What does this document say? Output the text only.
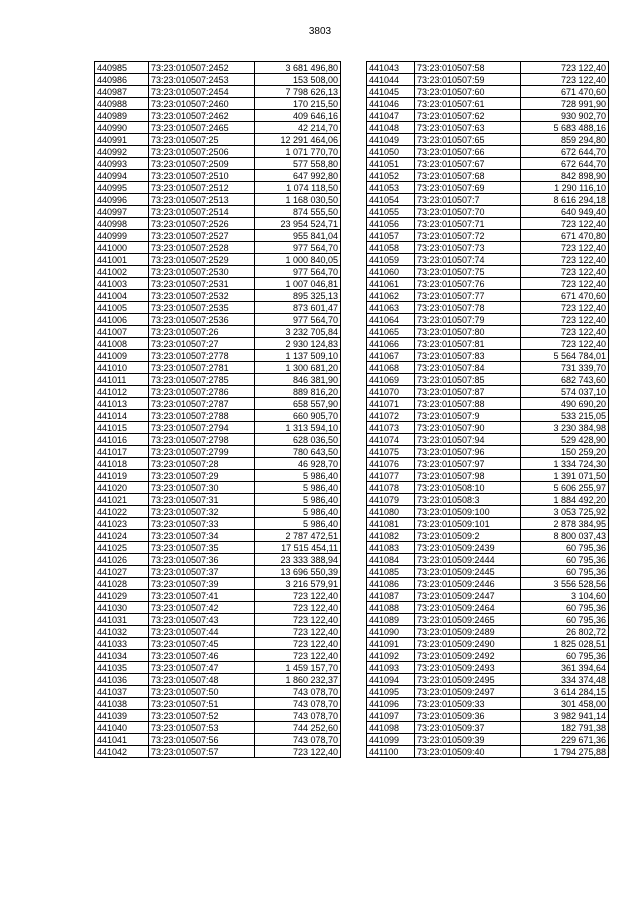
3803
440985	73:23:010507:2452	3 681 496,80
440986	73:23:010507:2453	153 508,00
440987	73:23:010507:2454	7 798 626,13
440988	73:23:010507:2460	170 215,50
440989	73:23:010507:2462	409 646,16
440990	73:23:010507:2465	42 214,70
440991	73:23:010507:25	12 291 464,06
440992	73:23:010507:2506	1 071 770,70
440993	73:23:010507:2509	577 558,80
440994	73:23:010507:2510	647 992,80
440995	73:23:010507:2512	1 074 118,50
440996	73:23:010507:2513	1 168 030,50
440997	73:23:010507:2514	874 555,50
440998	73:23:010507:2526	23 954 524,71
440999	73:23:010507:2527	955 841,04
441000	73:23:010507:2528	977 564,70
441001	73:23:010507:2529	1 000 840,05
441002	73:23:010507:2530	977 564,70
441003	73:23:010507:2531	1 007 046,81
441004	73:23:010507:2532	895 325,13
441005	73:23:010507:2535	873 601,47
441006	73:23:010507:2536	977 564,70
441007	73:23:010507:26	3 232 705,84
441008	73:23:010507:27	2 930 124,83
441009	73:23:010507:2778	1 137 509,10
441010	73:23:010507:2781	1 300 681,20
441011	73:23:010507:2785	846 381,90
441012	73:23:010507:2786	889 816,20
441013	73:23:010507:2787	658 557,90
441014	73:23:010507:2788	660 905,70
441015	73:23:010507:2794	1 313 594,10
441016	73:23:010507:2798	628 036,50
441017	73:23:010507:2799	780 643,50
441018	73:23:010507:28	46 928,70
441019	73:23:010507:29	5 986,40
441020	73:23:010507:30	5 986,40
441021	73:23:010507:31	5 986,40
441022	73:23:010507:32	5 986,40
441023	73:23:010507:33	5 986,40
441024	73:23:010507:34	2 787 472,51
441025	73:23:010507:35	17 515 454,11
441026	73:23:010507:36	23 333 388,94
441027	73:23:010507:37	13 696 550,39
441028	73:23:010507:39	3 216 579,91
441029	73:23:010507:41	723 122,40
441030	73:23:010507:42	723 122,40
441031	73:23:010507:43	723 122,40
441032	73:23:010507:44	723 122,40
441033	73:23:010507:45	723 122,40
441034	73:23:010507:46	723 122,40
441035	73:23:010507:47	1 459 157,70
441036	73:23:010507:48	1 860 232,37
441037	73:23:010507:50	743 078,70
441038	73:23:010507:51	743 078,70
441039	73:23:010507:52	743 078,70
441040	73:23:010507:53	744 252,60
441041	73:23:010507:56	743 078,70
441042	73:23:010507:57	723 122,40
441043	73:23:010507:58	723 122,40
441044	73:23:010507:59	723 122,40
441045	73:23:010507:60	671 470,60
441046	73:23:010507:61	728 991,90
441047	73:23:010507:62	930 902,70
441048	73:23:010507:63	5 683 488,16
441049	73:23:010507:65	859 294,80
441050	73:23:010507:66	672 644,70
441051	73:23:010507:67	672 644,70
441052	73:23:010507:68	842 898,90
441053	73:23:010507:69	1 290 116,10
441054	73:23:010507:7	8 616 294,18
441055	73:23:010507:70	640 949,40
441056	73:23:010507:71	723 122,40
441057	73:23:010507:72	671 470,80
441058	73:23:010507:73	723 122,40
441059	73:23:010507:74	723 122,40
441060	73:23:010507:75	723 122,40
441061	73:23:010507:76	723 122,40
441062	73:23:010507:77	671 470,60
441063	73:23:010507:78	723 122,40
441064	73:23:010507:79	723 122,40
441065	73:23:010507:80	723 122,40
441066	73:23:010507:81	723 122,40
441067	73:23:010507:83	5 564 784,01
441068	73:23:010507:84	731 339,70
441069	73:23:010507:85	682 743,60
441070	73:23:010507:87	574 037,10
441071	73:23:010507:88	490 690,20
441072	73:23:010507:9	533 215,05
441073	73:23:010507:90	3 230 384,98
441074	73:23:010507:94	529 428,90
441075	73:23:010507:96	150 259,20
441076	73:23:010507:97	1 334 724,30
441077	73:23:010507:98	1 391 071,50
441078	73:23:010508:10	5 606 255,97
441079	73:23:010508:3	1 884 492,20
441080	73:23:010509:100	3 053 725,92
441081	73:23:010509:101	2 878 384,95
441082	73:23:010509:2	8 800 037,43
441083	73:23:010509:2439	60 795,36
441084	73:23:010509:2444	60 795,36
441085	73:23:010509:2445	60 795,36
441086	73:23:010509:2446	3 556 528,56
441087	73:23:010509:2447	3 104,60
441088	73:23:010509:2464	60 795,36
441089	73:23:010509:2465	60 795,36
441090	73:23:010509:2489	26 802,72
441091	73:23:010509:2490	1 825 028,51
441092	73:23:010509:2492	60 795,36
441093	73:23:010509:2493	361 394,64
441094	73:23:010509:2495	334 374,48
441095	73:23:010509:2497	3 614 284,15
441096	73:23:010509:33	301 458,00
441097	73:23:010509:36	3 982 941,14
441098	73:23:010509:37	182 791,38
441099	73:23:010509:39	229 671,36
441100	73:23:010509:40	1 794 275,88
